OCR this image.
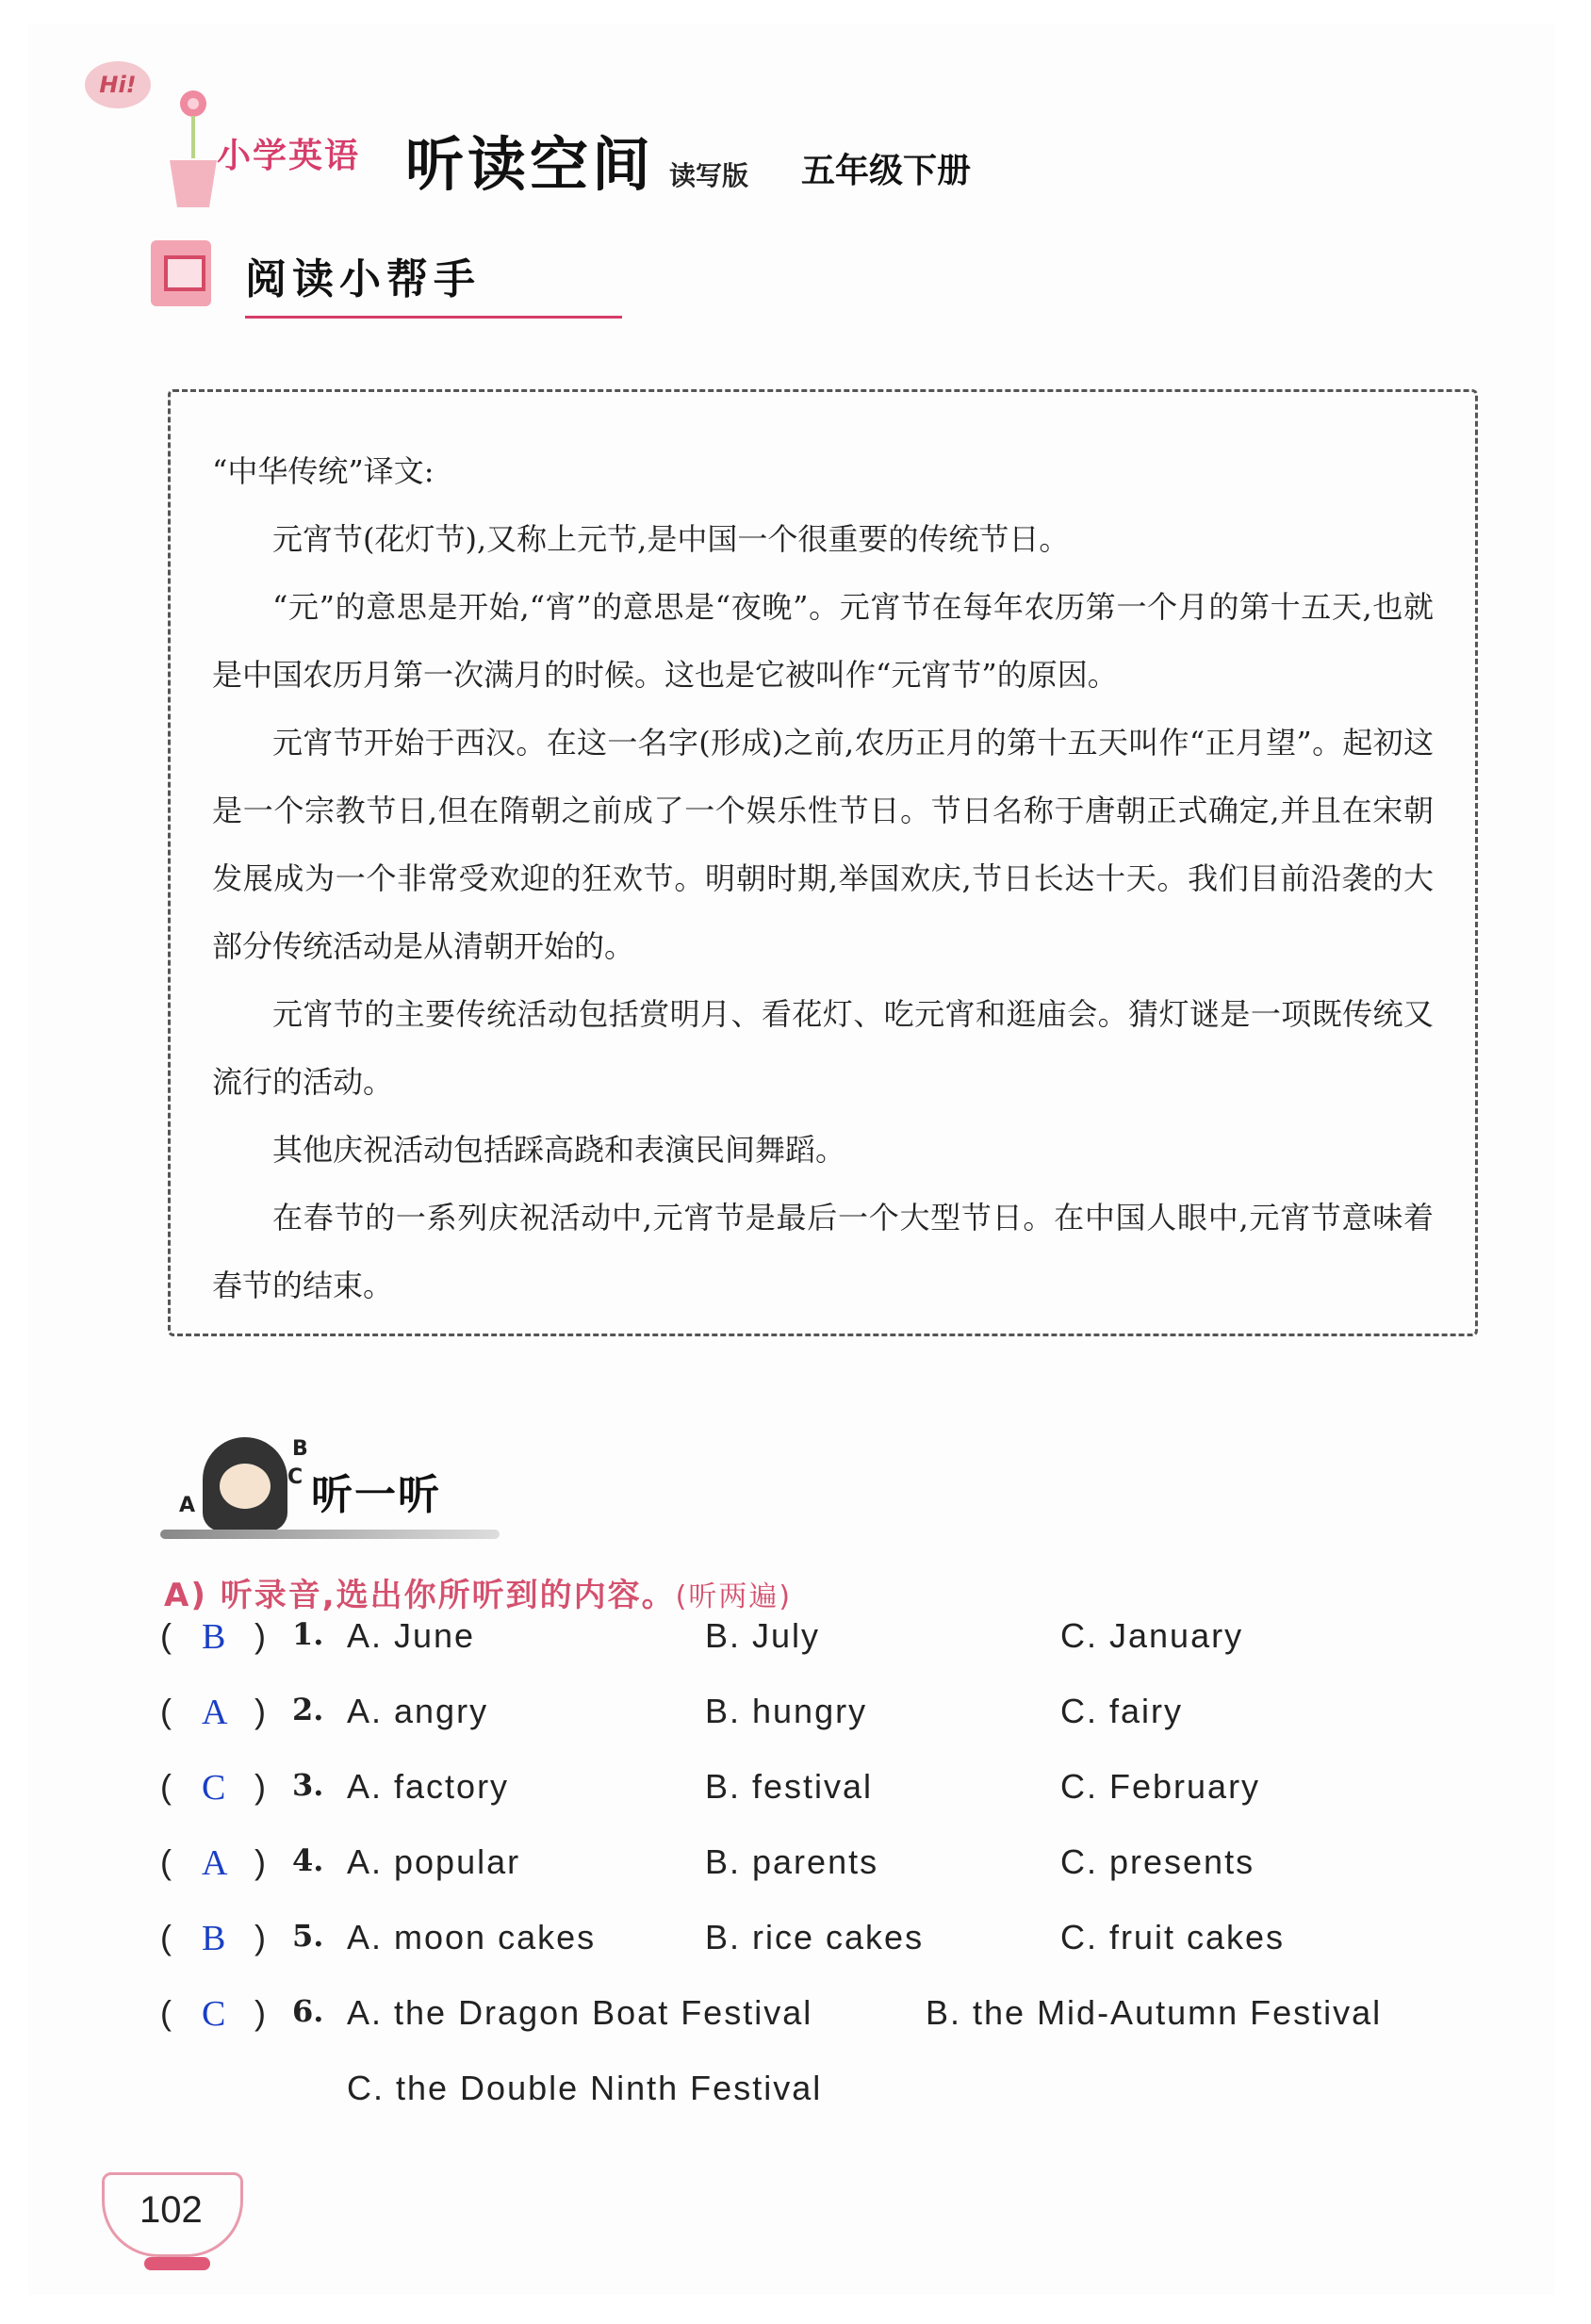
Hi!
小学英语 听读空间 读写版 五年级下册
阅读小帮手

“中华传统”译文:

元宵节(花灯节),又称上元节,是中国一个很重要的传统节日。

“元”的意思是开始,“宵”的意思是“夜晚”。元宵节在每年农历第一个月的第十五天,也就是中国农历月第一次满月的时候。这也是它被叫作“元宵节”的原因。

元宵节开始于西汉。在这一名字(形成)之前,农历正月的第十五天叫作“正月望”。起初这是一个宗教节日,但在隋朝之前成了一个娱乐性节日。节日名称于唐朝正式确定,并且在宋朝发展成为一个非常受欢迎的狂欢节。明朝时期,举国欢庆,节日长达十天。我们目前沿袭的大部分传统活动是从清朝开始的。

元宵节的主要传统活动包括赏明月、看花灯、吃元宵和逛庙会。猜灯谜是一项既传统又流行的活动。

其他庆祝活动包括踩高跷和表演民间舞蹈。

在春节的一系列庆祝活动中,元宵节是最后一个大型节日。在中国人眼中,元宵节意味着春节的结束。

A
B
C 听一听
A) 听录音,选出你所听到的内容。(听两遍)
( B ) 1. A. June	B. July	C. January
( A ) 2. A. angry	B. hungry	C. fairy
( C ) 3. A. factory	B. festival	C. February
( A ) 4. A. popular	B. parents	C. presents
( B ) 5. A. moon cakes	B. rice cakes	C. fruit cakes
( C ) 6. A. the Dragon Boat Festival	B. the Mid-Autumn Festival
C. the Double Ninth Festival
102
